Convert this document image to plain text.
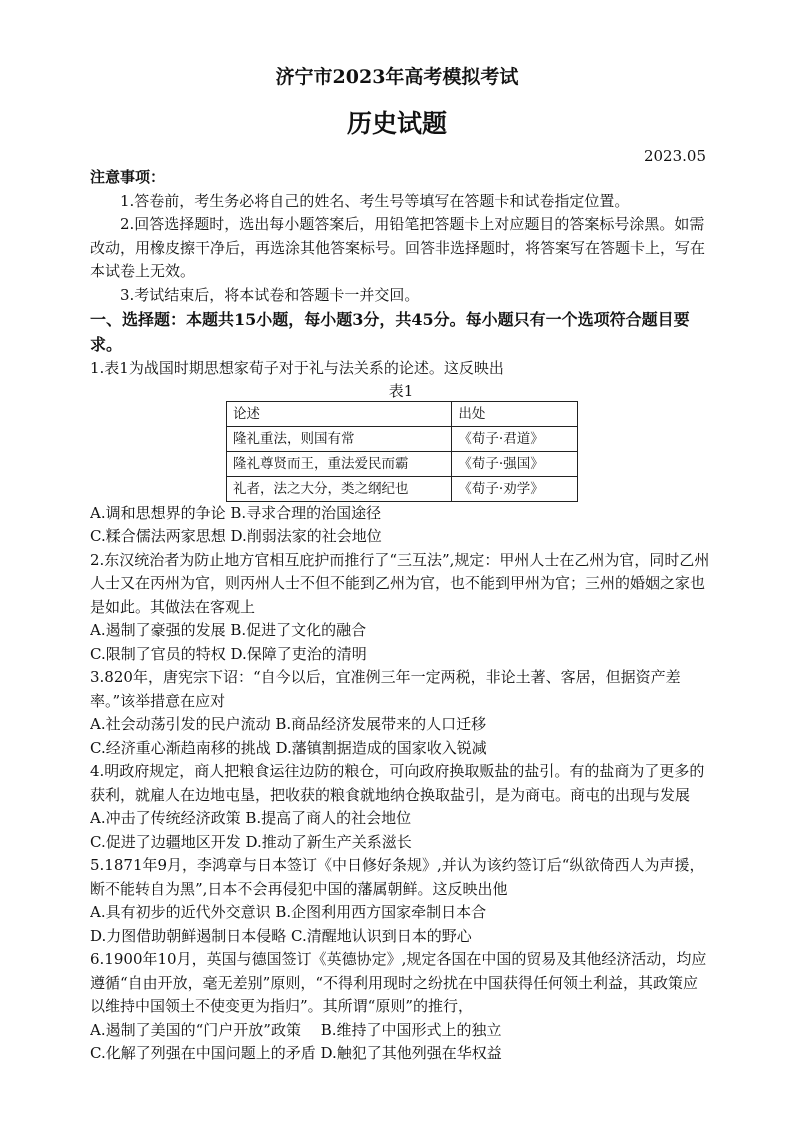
济宁市2023年高考模拟考试
历史试题
2023.05
注意事项：
1.答卷前，考生务必将自己的姓名、考生号等填写在答题卡和试卷指定位置。
2.回答选择题时，选出每小题答案后，用铅笔把答题卡上对应题目的答案标号涂黑。如需改动，用橡皮擦干净后，再选涂其他答案标号。回答非选择题时，将答案写在答题卡上，写在本试卷上无效。
3.考试结束后，将本试卷和答题卡一并交回。
一、选择题：本题共15小题，每小题3分，共45分。每小题只有一个选项符合题目要求。
1.表1为战国时期思想家荀子对于礼与法关系的论述。这反映出
表1
论述	出处
隆礼重法，则国有常	《荀子·君道》
隆礼尊贤而王，重法爱民而霸	《荀子·强国》
礼者，法之大分，类之纲纪也	《荀子·劝学》
A.调和思想界的争论 B.寻求合理的治国途径
C.糅合儒法两家思想 D.削弱法家的社会地位
2.东汉统治者为防止地方官相互庇护而推行了“三互法”,规定：甲州人士在乙州为官，同时乙州人士又在丙州为官，则丙州人士不但不能到乙州为官，也不能到甲州为官；三州的婚姻之家也是如此。其做法在客观上
A.遏制了豪强的发展 B.促进了文化的融合
C.限制了官员的特权 D.保障了吏治的清明
3.820年，唐宪宗下诏：“自今以后，宜准例三年一定两税，非论土著、客居，但据资产差率。”该举措意在应对
A.社会动荡引发的民户流动 B.商品经济发展带来的人口迁移
C.经济重心渐趋南移的挑战 D.藩镇割据造成的国家收入锐减
4.明政府规定，商人把粮食运往边防的粮仓，可向政府换取贩盐的盐引。有的盐商为了更多的获利，就雇人在边地屯垦，把收获的粮食就地纳仓换取盐引，是为商屯。商屯的出现与发展
A.冲击了传统经济政策 B.提高了商人的社会地位
C.促进了边疆地区开发 D.推动了新生产关系滋长
5.1871年9月，李鸿章与日本签订《中日修好条规》,并认为该约签订后“纵欲倚西人为声援，断不能转自为黑”,日本不会再侵犯中国的藩属朝鲜。这反映出他
A.具有初步的近代外交意识 B.企图利用西方国家牵制日本合
D.力图借助朝鲜遏制日本侵略 C.清醒地认识到日本的野心
6.1900年10月，英国与德国签订《英德协定》,规定各国在中国的贸易及其他经济活动，均应遵循“自由开放，毫无差别”原则，“不得利用现时之纷扰在中国获得任何领土利益，其政策应以维持中国领土不使变更为指归”。其所谓“原则”的推行，
A.遏制了美国的“门户开放”政策　 B.维持了中国形式上的独立
C.化解了列强在中国问题上的矛盾 D.触犯了其他列强在华权益
